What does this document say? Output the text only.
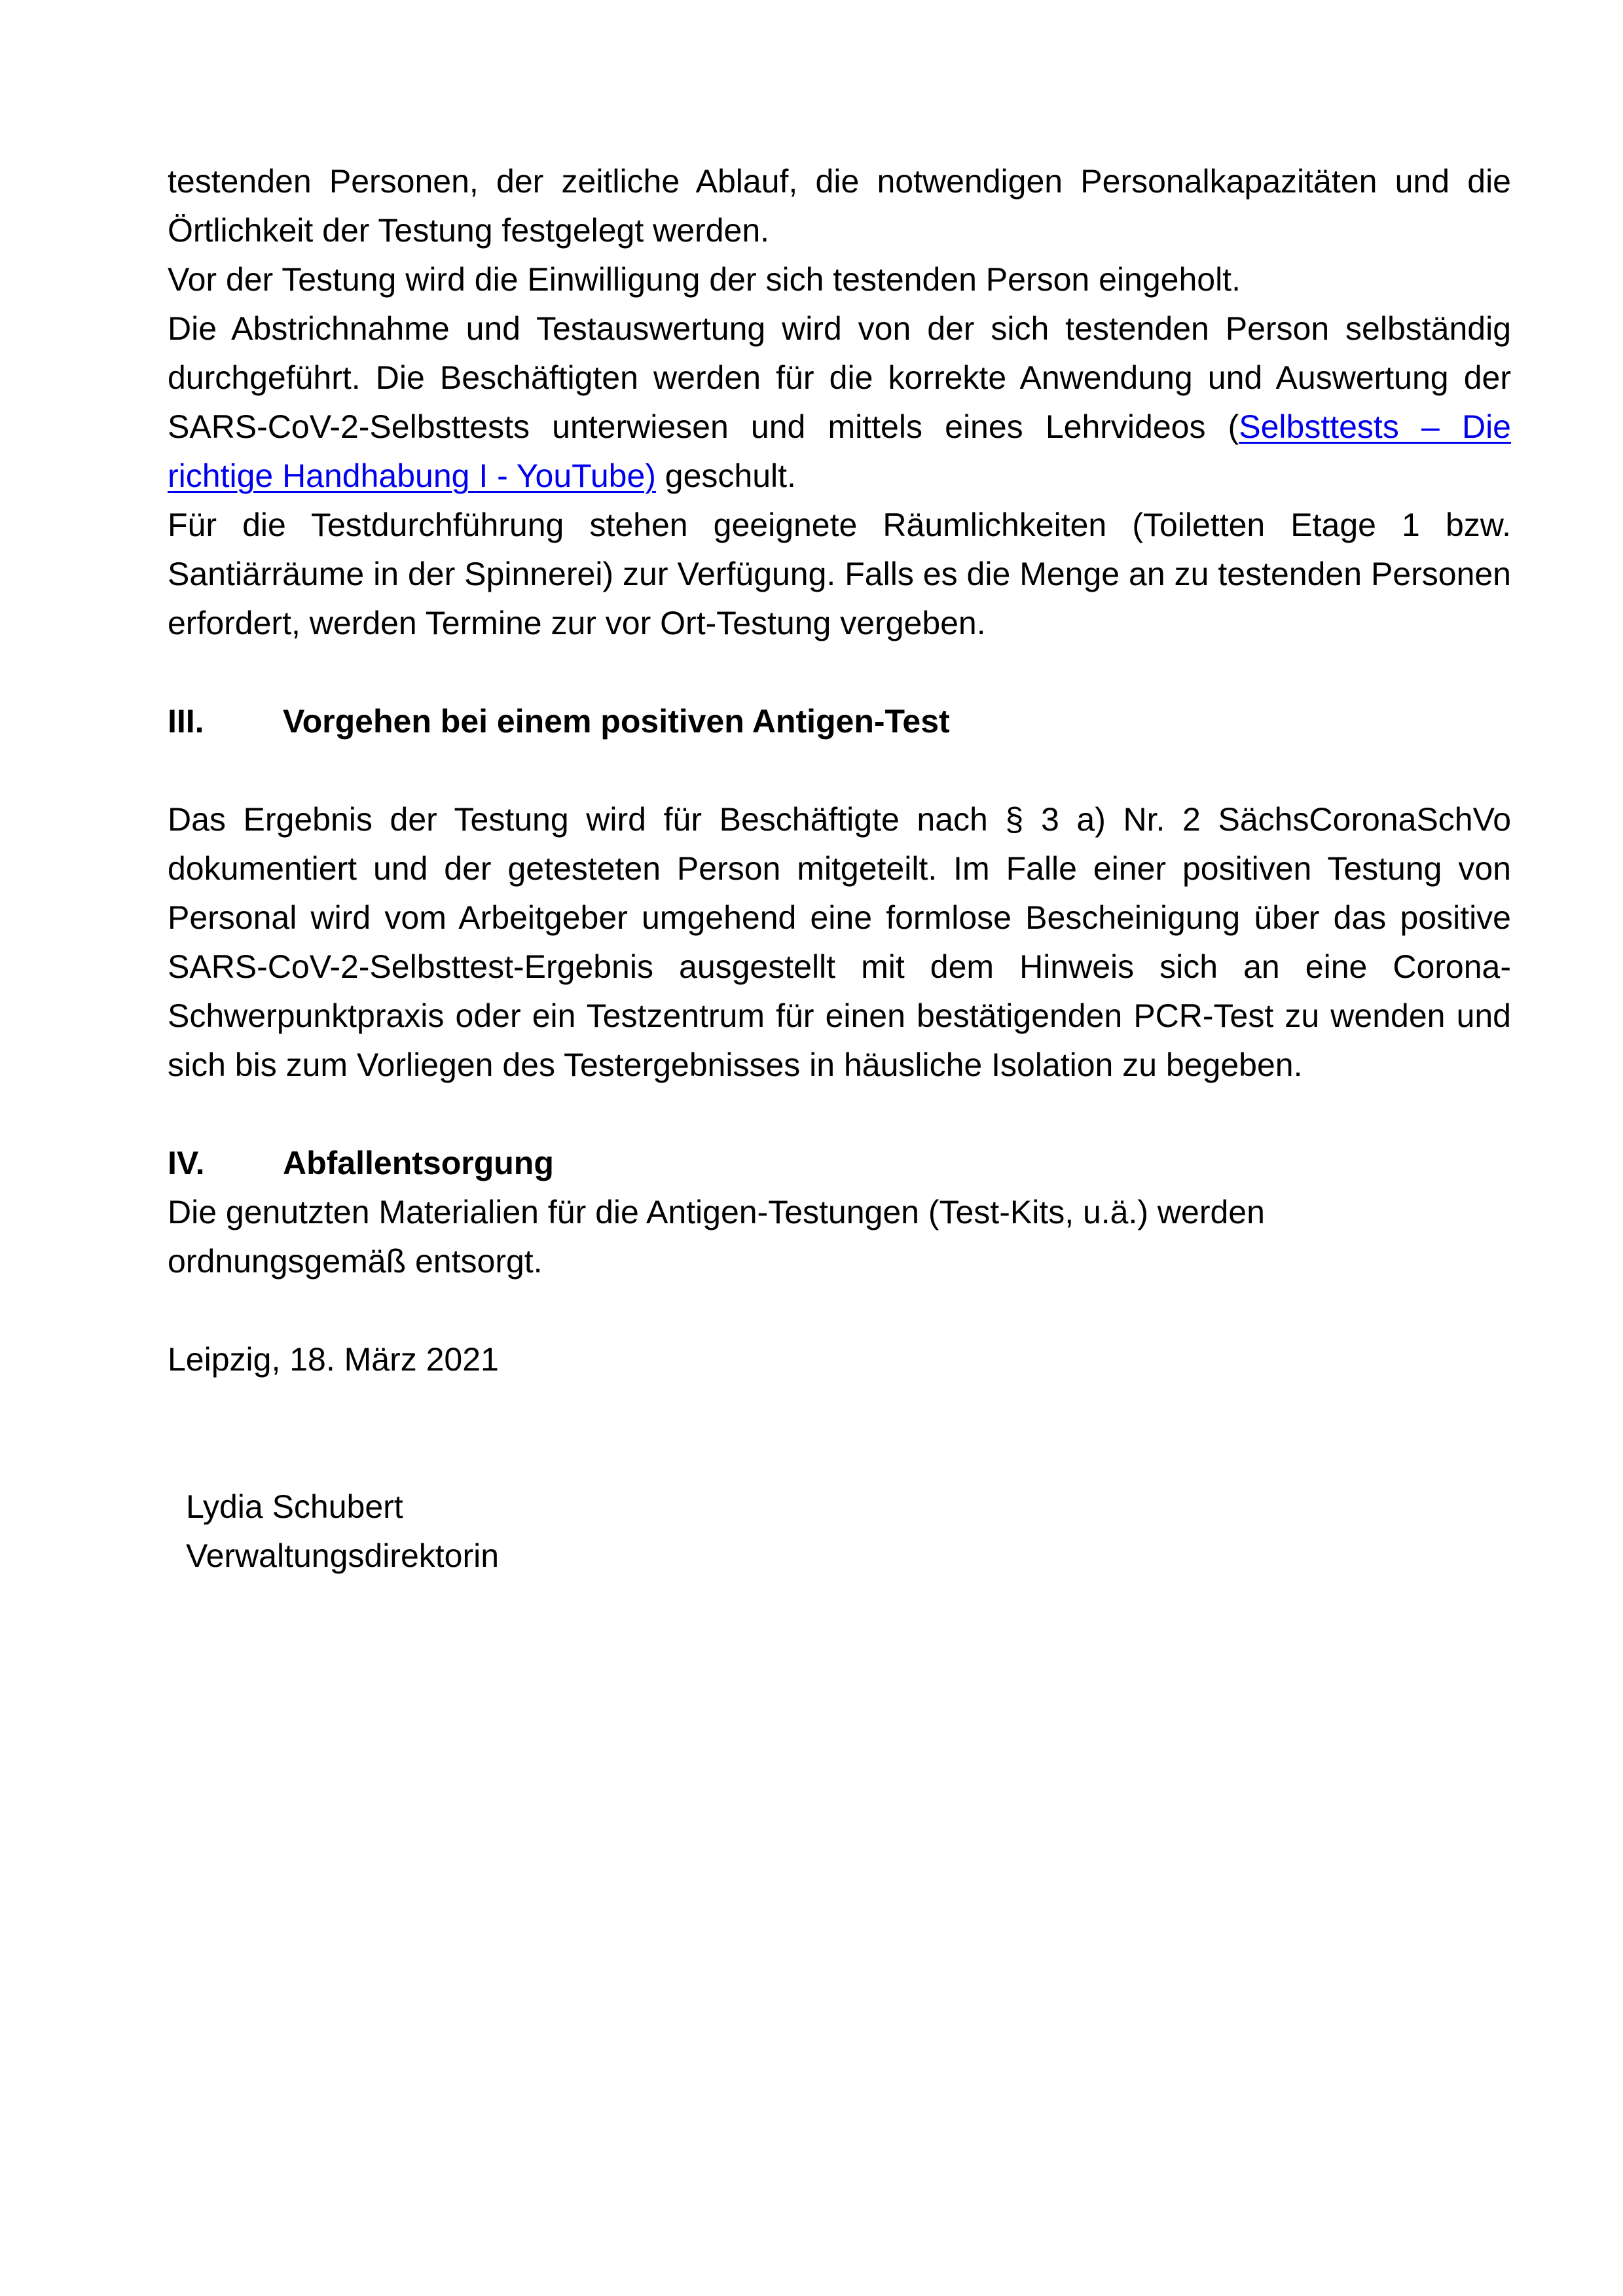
testenden Personen, der zeitliche Ablauf, die notwendigen Personalkapazitäten und die Örtlichkeit der Testung festgelegt werden.

Vor der Testung wird die Einwilligung der sich testenden Person eingeholt.

Die Abstrichnahme und Testauswertung wird von der sich testenden Person selbständig durchgeführt. Die Beschäftigten werden für die korrekte Anwendung und Auswertung der SARS-CoV-2-Selbsttests unterwiesen und mittels eines Lehrvideos (Selbsttests – Die richtige Handhabung I - YouTube) geschult.

Für die Testdurchführung stehen geeignete Räumlichkeiten (Toiletten Etage 1 bzw. Santiärräume in der Spinnerei) zur Verfügung. Falls es die Menge an zu testenden Personen erfordert, werden Termine zur vor Ort-Testung vergeben.

III.	Vorgehen bei einem positiven Antigen-Test

Das Ergebnis der Testung wird für Beschäftigte nach § 3 a) Nr. 2 SächsCoronaSchVo dokumentiert und der getesteten Person mitgeteilt. Im Falle einer positiven Testung von Personal wird vom Arbeitgeber umgehend eine formlose Bescheinigung über das positive SARS-CoV-2-Selbsttest-Ergebnis ausgestellt mit dem Hinweis sich an eine Corona-Schwerpunktpraxis oder ein Testzentrum für einen bestätigenden PCR-Test zu wenden und sich bis zum Vorliegen des Testergebnisses in häusliche Isolation zu begeben.

IV.	Abfallentsorgung

Die genutzten Materialien für die Antigen-Testungen (Test-Kits, u.ä.) werden

ordnungsgemäß entsorgt.

Leipzig, 18. März 2021

Lydia Schubert

Verwaltungsdirektorin
